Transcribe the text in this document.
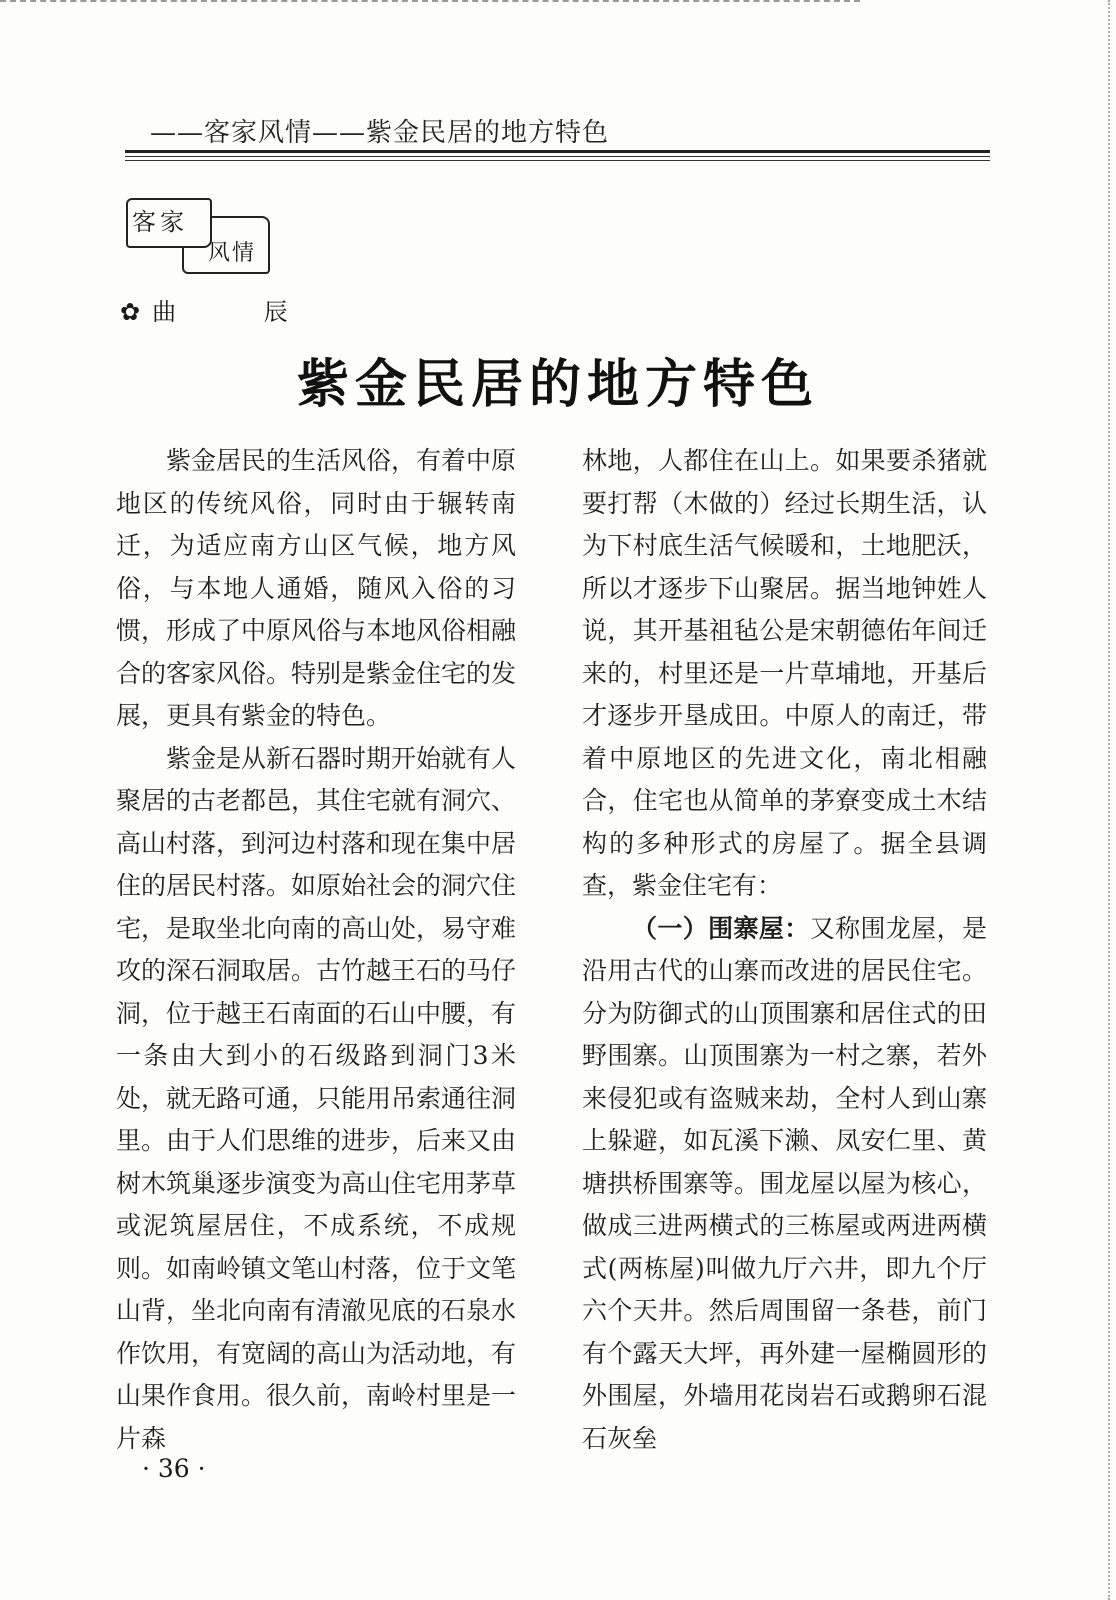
——客家风情——紫金民居的地方特色
客家
风情
✿ 曲 辰
紫金民居的地方特色

紫金居民的生活风俗，有着中原地区的传统风俗，同时由于辗转南迁，为适应南方山区气候，地方风俗，与本地人通婚，随风入俗的习惯，形成了中原风俗与本地风俗相融合的客家风俗。特别是紫金住宅的发展，更具有紫金的特色。

紫金是从新石器时期开始就有人聚居的古老都邑，其住宅就有洞穴、高山村落，到河边村落和现在集中居住的居民村落。如原始社会的洞穴住宅，是取坐北向南的高山处，易守难攻的深石洞取居。古竹越王石的马仔洞，位于越王石南面的石山中腰，有一条由大到小的石级路到洞门3米处，就无路可通，只能用吊索通往洞里。由于人们思维的进步，后来又由树木筑巢逐步演变为高山住宅用茅草或泥筑屋居住，不成系统，不成规则。如南岭镇文笔山村落，位于文笔山背，坐北向南有清澈见底的石泉水作饮用，有宽阔的高山为活动地，有山果作食用。很久前，南岭村里是一片森

林地，人都住在山上。如果要杀猪就要打帮（木做的）经过长期生活，认为下村底生活气候暖和，土地肥沃，所以才逐步下山聚居。据当地钟姓人说，其开基祖毡公是宋朝德佑年间迁来的，村里还是一片草埔地，开基后才逐步开垦成田。中原人的南迁，带着中原地区的先进文化，南北相融合，住宅也从简单的茅寮变成土木结构的多种形式的房屋了。据全县调查，紫金住宅有：

（一）围寨屋：又称围龙屋，是沿用古代的山寨而改进的居民住宅。分为防御式的山顶围寨和居住式的田野围寨。山顶围寨为一村之寨，若外来侵犯或有盗贼来劫，全村人到山寨上躲避，如瓦溪下濑、凤安仁里、黄塘拱桥围寨等。围龙屋以屋为核心，做成三进两横式的三栋屋或两进两横式(两栋屋)叫做九厅六井，即九个厅六个天井。然后周围留一条巷，前门有个露天大坪，再外建一屋椭圆形的外围屋，外墙用花岗岩石或鹅卵石混石灰垒

· 36 ·
